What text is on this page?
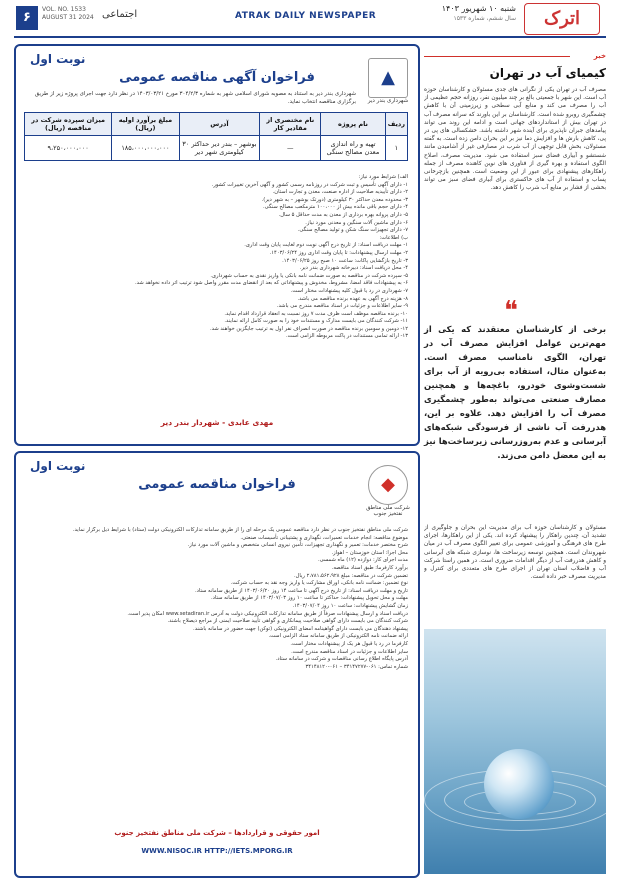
۶
VOL. NO. 1533
AUGUST 31 2024 اجتماعی	ATRAK DAILY NEWSPAPER
شنبه ۱۰ شهریور ۱۴۰۳
سال ششم، شماره ۱۵۳۳	اترک
نوبت اول
فراخوان آگهی مناقصه عمومی	▲
شهرداری بندر دیر
شهرداری بندر دیر به استناد به مصوبه شورای اسلامی شهر به شماره ۳۰۴/۲/۳ مورخ ۱۴۰۳/۰۳/۲۱ در نظر دارد جهت اجرای پروژه زیر از طریق برگزاری مناقصه انتخاب نماید.
ردیف	نام پروژه	نام مختصری از مقادیر کار	آدرس	مبلغ برآورد اولیه (ریال)	میزان سپرده شرکت در مناقصه (ریال)
۱	تهیه و راه اندازی معدن مصالح سنگی	—	بوشهر – بندر دیر حداکثر ۳۰ کیلومتری شهر دیر	۱۸۵،۰۰۰،۰۰۰،۰۰۰	۹،۲۵۰،۰۰۰،۰۰۰
الف) شرایط مورد نیاز:
۱- دارای آگهی تأسیس و ثبت شرکت در روزنامه رسمی کشور و آگهی آخرین تغییرات کشور.
۲- دارای تأییدیه صلاحیت از اداره صنعت، معدن و تجارت استان.
۳- محدوده معدن حداکثر ۳۰ کیلومتری (دورتک بوشهر – به شهر دیر).
۴- دارای حجم باقی مانده بیش از ۱۰۰،۰۰۰ مترمکعب مصالح سنگی.
۵- دارای پروانه بهره برداری از معدن به مدت حداقل ۵ سال.
۶- دارای ماشین آلات سنگین و معدنی مورد نیاز.
۷- دارای تجهیزات سنگ شکن و تولید مصالح سنگی.
ب) اطلاعات:
۱- مهلت دریافت اسناد: از تاریخ درج آگهی نوبت دوم لغایت پایان وقت اداری.
۲- مهلت ارسال پیشنهادات: تا پایان وقت اداری روز ۱۴۰۳/۰۶/۲۴.
۳- تاریخ بازگشایی پاکات: ساعت ۱۰ صبح روز ۱۴۰۳/۰۶/۲۵.
۴- محل دریافت اسناد: دبیرخانه شهرداری بندر دیر.
۵- سپرده شرکت در مناقصه به صورت ضمانت نامه بانکی یا واریز نقدی به حساب شهرداری.
۶- به پیشنهادات فاقد امضا، مشروط، مخدوش و پیشنهاداتی که بعد از انقضای مدت مقرر واصل شود ترتیب اثر داده نخواهد شد.
۷- شهرداری در رد یا قبول کلیه پیشنهادات مختار است.
۸- هزینه درج آگهی به عهده برنده مناقصه می باشد.
۹- سایر اطلاعات و جزئیات در اسناد مناقصه مندرج می باشد.
۱۰- برنده مناقصه موظف است ظرف مدت ۷ روز نسبت به انعقاد قرارداد اقدام نماید.
۱۱- شرکت کنندگان می بایست مدارک و مستندات خود را به صورت کامل ارائه نمایند.
۱۲- دومین و سومین برنده مناقصه در صورت انصراف نفر اول به ترتیب جایگزین خواهند شد.
۱۳- ارائه تمامی مستندات در پاکت مربوطه الزامی است.
مهدی عابدی - شهردار بندر دیر
نوبت اول
فراخوان مناقصه عمومی	◆
شرکت ملی مناطق نفتخیز جنوب
شرکت ملی مناطق نفتخیز جنوب در نظر دارد مناقصه عمومی یک مرحله ای را از طریق سامانه تدارکات الکترونیکی دولت (ستاد) با شرایط ذیل برگزار نماید.
موضوع مناقصه: انجام خدمات تعمیرات، نگهداری و پشتیبانی تأسیسات صنعتی.
شرح مختصر خدمات: تعمیر و نگهداری تجهیزات، تأمین نیروی انسانی متخصص و ماشین آلات مورد نیاز.
محل اجرا: استان خوزستان – اهواز.
مدت اجرای کار: دوازده (۱۲) ماه شمسی.
برآورد کارفرما: طبق اسناد مناقصه.
تضمین شرکت در مناقصه: مبلغ ۲،۷۸۱،۵۶۲،۹۲۸ ریال.
نوع تضمین: ضمانت نامه بانکی، اوراق مشارکت یا واریز وجه نقد به حساب شرکت.
تاریخ و مهلت دریافت اسناد: از تاریخ درج آگهی تا ساعت ۱۴ روز ۱۴۰۳/۰۶/۲۰ از طریق سامانه ستاد.
مهلت و محل تحویل پیشنهادات: حداکثر تا ساعت ۱۰ روز ۱۴۰۳/۰۷/۰۳ از طریق سامانه ستاد.
زمان گشایش پیشنهادات: ساعت ۱۰ روز ۱۴۰۳/۰۷/۰۴.
دریافت اسناد و ارسال پیشنهادات صرفاً از طریق سامانه تدارکات الکترونیکی دولت به آدرس www.setadiran.ir امکان پذیر است.
شرکت کنندگان می بایست دارای گواهی صلاحیت پیمانکاری و گواهی تأیید صلاحیت ایمنی از مراجع ذیصلاح باشند.
پیشنهاد دهندگان می بایست دارای گواهینامه امضای الکترونیکی (توکن) جهت حضور در سامانه باشند.
ارائه ضمانت نامه الکترونیکی از طریق سامانه ستاد الزامی است.
کارفرما در رد یا قبول هر یک از پیشنهادات مختار است.
سایر اطلاعات و جزئیات در اسناد مناقصه مندرج است.
آدرس پایگاه اطلاع رسانی مناقصات و شرکت در سامانه ستاد.
شماره تماس: ۰۶۱-۳۴۱۴۷۲۷۷ – ۰۶۱-۳۴۱۴۸۱۲۰
امور حقوقی و قراردادها – شرکت ملی مناطق نفتخیز جنوب
WWW.NISOC.IR HTTP://IETS.MPORG.IR
خبر
کیمیای آب در تهران
مصرف آب در تهران یکی از نگرانی های جدی مسئولان و کارشناسان حوزه آب است. این شهر با جمعیتی بالغ بر چند میلیون نفر، روزانه حجم عظیمی از آب را مصرف می کند و منابع آبی سطحی و زیرزمینی آن با کاهش چشمگیری روبرو شده است. کارشناسان بر این باورند که سرانه مصرف آب در تهران بیش از استانداردهای جهانی است و ادامه این روند می تواند پیامدهای جبران ناپذیری برای آینده شهر داشته باشد. خشکسالی های پی در پی، کاهش بارش ها و افزایش دما نیز بر این بحران دامن زده است. به گفته مسئولان، بخش قابل توجهی از آب شرب در مصارفی غیر از آشامیدن مانند شستشو و آبیاری فضای سبز استفاده می شود. مدیریت مصرف، اصلاح الگوی استفاده و بهره گیری از فناوری های نوین کاهنده مصرف از جمله راهکارهای پیشنهادی برای عبور از این وضعیت است. همچنین بازچرخانی پساب و استفاده از آب های خاکستری برای آبیاری فضای سبز می تواند بخشی از فشار بر منابع آب شرب را کاهش دهد.
❝
برخی از کارشناسان معتقدند که یکی از مهم‌ترین عوامل افزایش مصرف آب در تهران، الگوی نامناسب مصرف است. به‌عنوان مثال، استفاده بی‌رویه از آب برای شست‌وشوی خودرو، باغچه‌ها و همچنین مصارف صنعتی می‌تواند به‌طور چشمگیری مصرف آب را افزایش دهد. علاوه بر این، هدررفت آب ناشی از فرسودگی شبکه‌های آبرسانی و عدم به‌روزرسانی زیرساخت‌ها نیز به این معضل دامن می‌زند.
مسئولان و کارشناسان حوزه آب برای مدیریت این بحران و جلوگیری از تشدید آن، چندین راهکار را پیشنهاد کرده اند. یکی از این راهکارها، اجرای طرح های فرهنگی و آموزشی عمومی برای تغییر الگوی مصرف آب در میان شهروندان است. همچنین توسعه زیرساخت ها، نوسازی شبکه های آبرسانی و کاهش هدررفت آب از دیگر اقدامات ضروری است. در همین راستا شرکت آب و فاضلاب استان تهران از اجرای طرح های متعددی برای کنترل و مدیریت مصرف خبر داده است.
